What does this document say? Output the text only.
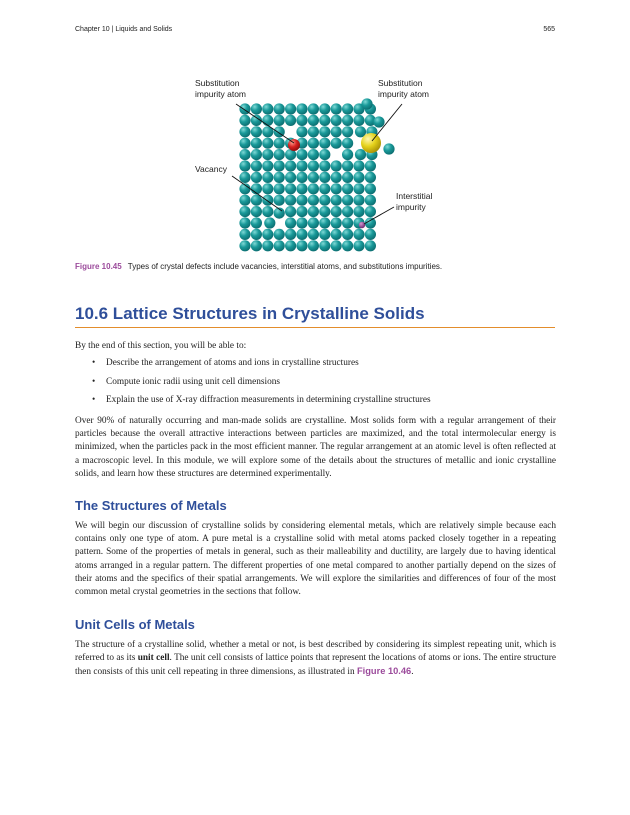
Chapter 10 | Liquids and Solids	565
Substitution
impurity atom
Substitution
impurity atom
Vacancy
Interstitial
impurity
Figure 10.45 Types of crystal defects include vacancies, interstitial atoms, and substitutions impurities.
10.6 Lattice Structures in Crystalline Solids

By the end of this section, you will be able to:

• Describe the arrangement of atoms and ions in crystalline structures
• Compute ionic radii using unit cell dimensions
• Explain the use of X-ray diffraction measurements in determining crystalline structures

Over 90% of naturally occurring and man-made solids are crystalline. Most solids form with a regular arrangement of their particles because the overall attractive interactions between particles are maximized, and the total intermolecular energy is minimized, when the particles pack in the most efficient manner. The regular arrangement at an atomic level is often reflected at a macroscopic level. In this module, we will explore some of the details about the structures of metallic and ionic crystalline solids, and learn how these structures are determined experimentally.

The Structures of Metals

We will begin our discussion of crystalline solids by considering elemental metals, which are relatively simple because each contains only one type of atom. A pure metal is a crystalline solid with metal atoms packed closely together in a repeating pattern. Some of the properties of metals in general, such as their malleability and ductility, are largely due to having identical atoms arranged in a regular pattern. The different properties of one metal compared to another partially depend on the sizes of their atoms and the specifics of their spatial arrangements. We will explore the similarities and differences of four of the most common metal crystal geometries in the sections that follow.

Unit Cells of Metals

The structure of a crystalline solid, whether a metal or not, is best described by considering its simplest repeating unit, which is referred to as its unit cell. The unit cell consists of lattice points that represent the locations of atoms or ions. The entire structure then consists of this unit cell repeating in three dimensions, as illustrated in Figure 10.46.
